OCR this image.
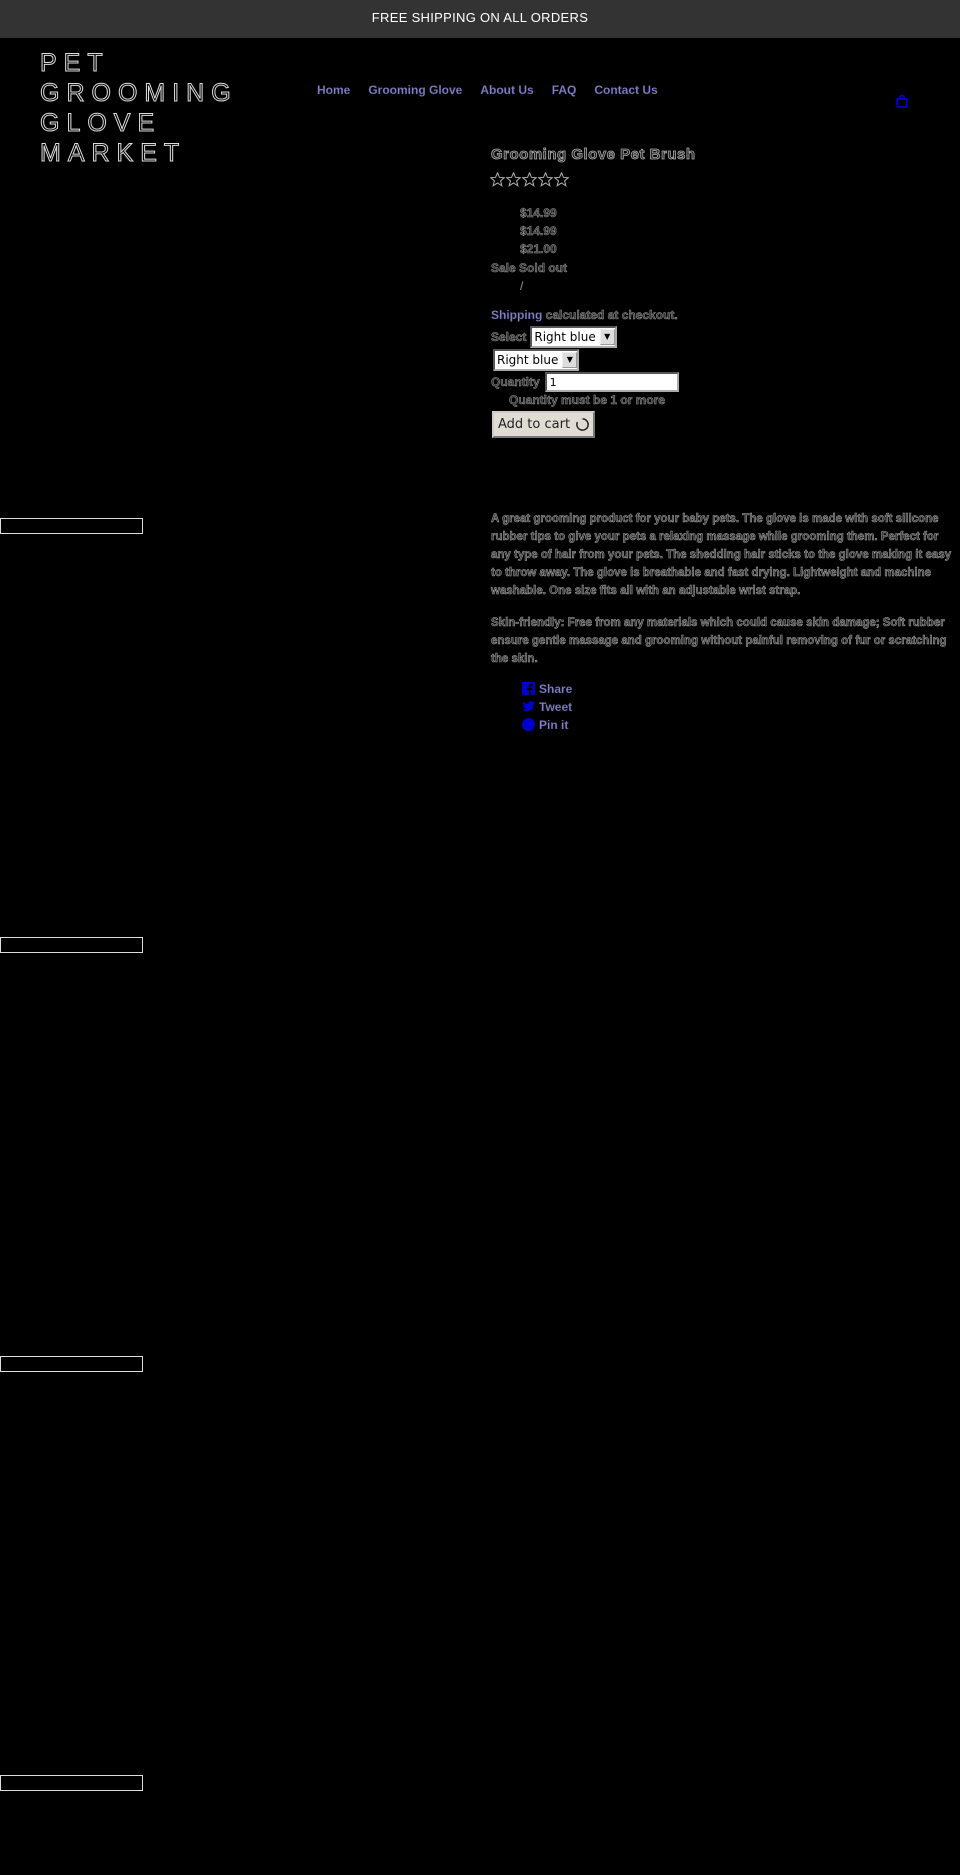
FREE SHIPPING ON ALL ORDERS
PET GROOMING
GLOVE
MARKET
Home Grooming Glove About Us FAQ Contact Us
Grooming Glove Pet Brush
$14.99
$14.99
$21.00
Sale Sold out
/
Shipping calculated at checkout.
Select Right blue	▼
Right blue	▼
Quantity
1
Quantity must be 1 or more
Add to cart
A great grooming product for your baby pets. The glove is made with soft silicone rubber tips to give your pets a relaxing massage while grooming them. Perfect for any type of hair from your pets. The shedding hair sticks to the glove making it easy to throw away. The glove is breathable and fast drying. Lightweight and machine washable. One size fits all with an adjustable wrist strap.
Skin-friendly: Free from any materials which could cause skin damage; Soft rubber ensure gentle massage and grooming without painful removing of fur or scratching the skin.
Share
Tweet
Pin it
